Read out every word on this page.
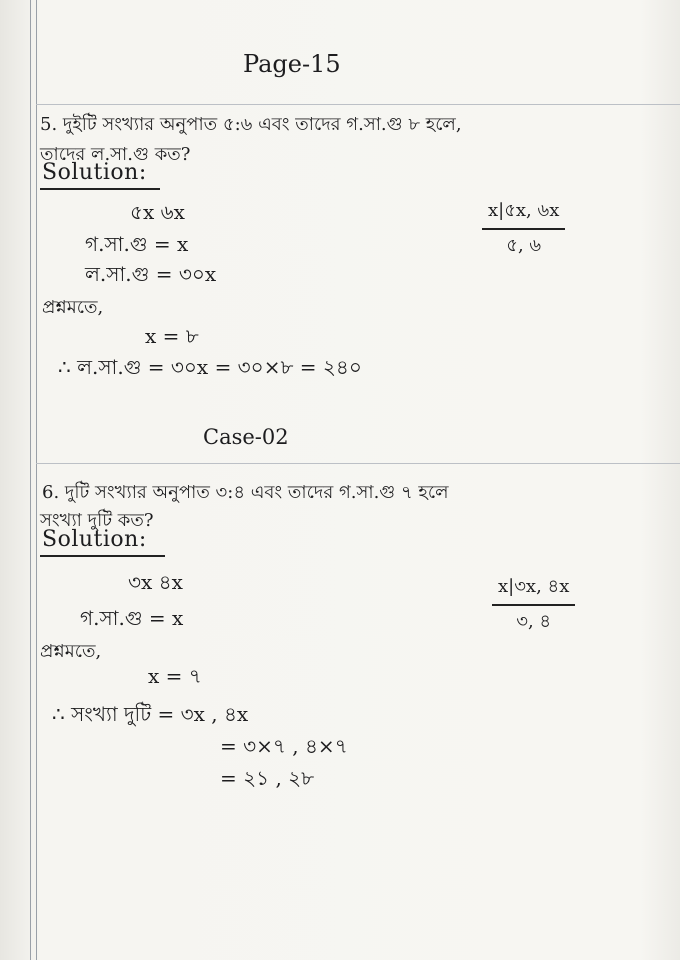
Page-15
5. দুইটি সংখ্যার অনুপাত ৫:৬ এবং তাদের গ.সা.গু ৮ হলে,
তাদের ল.সা.গু কত?
Solution:
৫x ৬x	x|৫x, ৬x
৫, ৬
গ.সা.গু = x
ল.সা.গু = ৩০x
প্রশ্নমতে,
x = ৮
∴ ল.সা.গু = ৩০x = ৩০×৮ = ২৪০
Case-02
6. দুটি সংখ্যার অনুপাত ৩:৪ এবং তাদের গ.সা.গু ৭ হলে
সংখ্যা দুটি কত?
Solution:
৩x ৪x	x|৩x, ৪x
৩, ৪
গ.সা.গু = x
প্রশ্নমতে,
x = ৭
∴ সংখ্যা দুটি = ৩x , ৪x
= ৩×৭ , ৪×৭
= ২১ , ২৮
